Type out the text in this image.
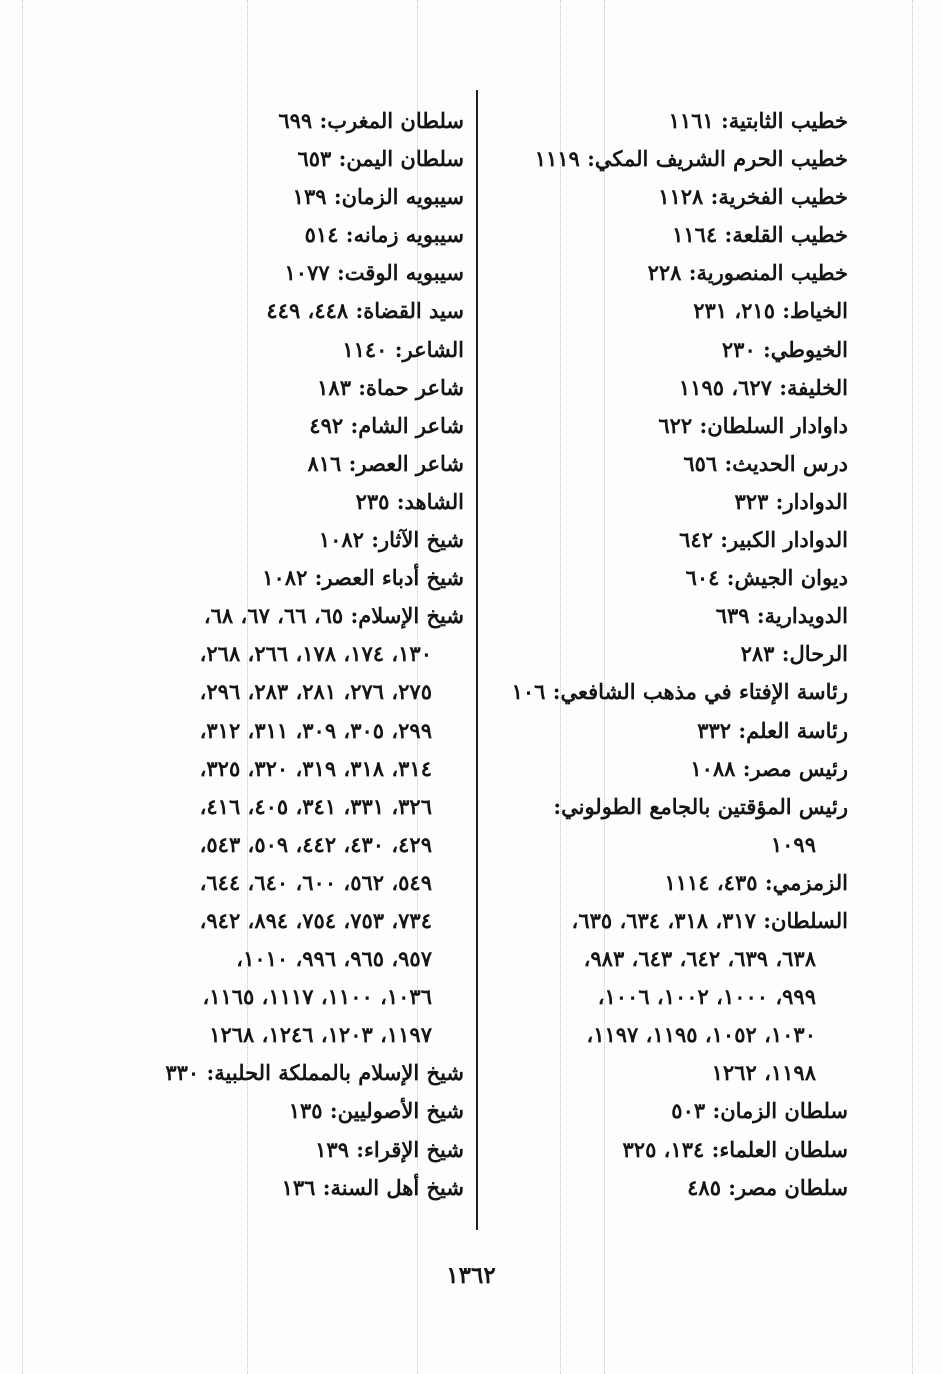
خطيب الثابتية: ١١٦١
خطيب الحرم الشريف المكي: ١١١٩
خطيب الفخرية: ١١٢٨
خطيب القلعة: ١١٦٤
خطيب المنصورية: ٢٢٨
الخياط: ٢١٥، ٢٣١
الخيوطي: ٢٣٠
الخليفة: ٦٢٧، ١١٩٥
داوادار السلطان: ٦٢٢
درس الحديث: ٦٥٦
الدوادار: ٣٢٣
الدوادار الكبير: ٦٤٢
ديوان الجيش: ٦٠٤
الدويدارية: ٦٣٩
الرحال: ٢٨٣
رئاسة الإفتاء في مذهب الشافعي: ١٠٦
رئاسة العلم: ٣٣٢
رئيس مصر: ١٠٨٨
رئيس المؤقتين بالجامع الطولوني:
١٠٩٩
الزمزمي: ٤٣٥، ١١١٤
السلطان: ٣١٧، ٣١٨، ٦٣٤، ٦٣٥،
٦٣٨، ٦٣٩، ٦٤٢، ٦٤٣، ٩٨٣،
٩٩٩، ١٠٠٠، ١٠٠٢، ١٠٠٦،
١٠٣٠، ١٠٥٢، ١١٩٥، ١١٩٧،
١١٩٨، ١٢٦٢
سلطان الزمان: ٥٠٣
سلطان العلماء: ١٣٤، ٣٢٥
سلطان مصر: ٤٨٥
سلطان المغرب: ٦٩٩
سلطان اليمن: ٦٥٣
سيبويه الزمان: ١٣٩
سيبويه زمانه: ٥١٤
سيبويه الوقت: ١٠٧٧
سيد القضاة: ٤٤٨، ٤٤٩
الشاعر: ١١٤٠
شاعر حماة: ١٨٣
شاعر الشام: ٤٩٢
شاعر العصر: ٨١٦
الشاهد: ٢٣٥
شيخ الآثار: ١٠٨٢
شيخ أدباء العصر: ١٠٨٢
شيخ الإسلام: ٦٥، ٦٦، ٦٧، ٦٨،
١٣٠، ١٧٤، ١٧٨، ٢٦٦، ٢٦٨،
٢٧٥، ٢٧٦، ٢٨١، ٢٨٣، ٢٩٦،
٢٩٩، ٣٠٥، ٣٠٩، ٣١١، ٣١٢،
٣١٤، ٣١٨، ٣١٩، ٣٢٠، ٣٢٥،
٣٢٦، ٣٣١، ٣٤١، ٤٠٥، ٤١٦،
٤٢٩، ٤٣٠، ٤٤٢، ٥٠٩، ٥٤٣،
٥٤٩، ٥٦٢، ٦٠٠، ٦٤٠، ٦٤٤،
٧٣٤، ٧٥٣، ٧٥٤، ٨٩٤، ٩٤٢،
٩٥٧، ٩٦٥، ٩٩٦، ١٠١٠،
١٠٣٦، ١١٠٠، ١١١٧، ١١٦٥،
١١٩٧، ١٢٠٣، ١٢٤٦، ١٢٦٨
شيخ الإسلام بالمملكة الحلبية: ٣٣٠
شيخ الأصوليين: ١٣٥
شيخ الإقراء: ١٣٩
شيخ أهل السنة: ١٣٦
١٣٦٢
